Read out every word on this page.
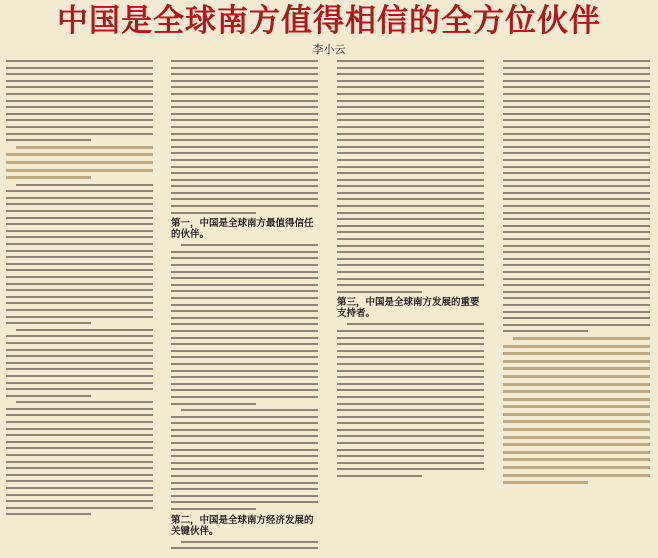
中国是全球南方值得相信的全方位伙伴
李小云
第一，中国是全球南方最值得信任的伙伴。
第二，中国是全球南方经济发展的关键伙伴。
第三，中国是全球南方发展的重要支持者。
